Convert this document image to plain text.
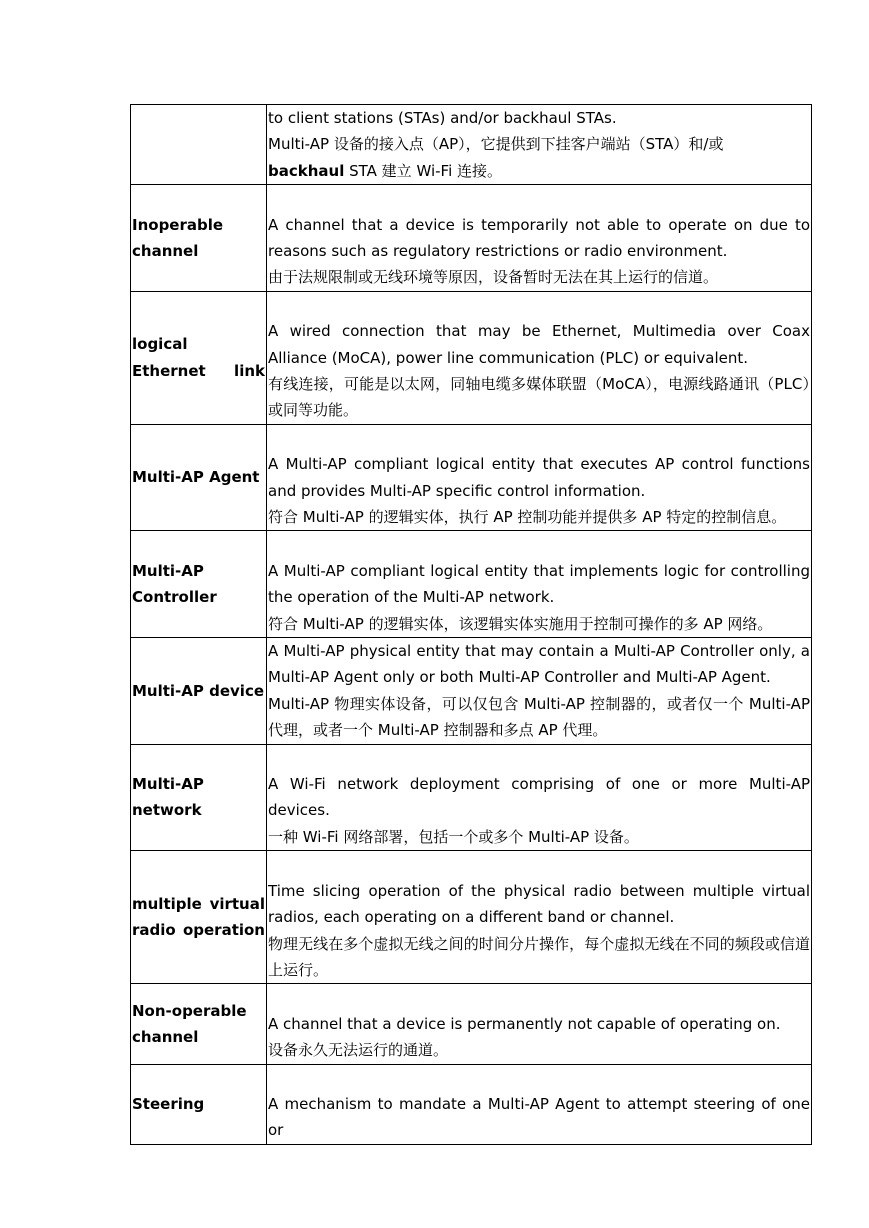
	to client stations (STAs) and/or backhaul STAs.
Multi-AP 设备的接入点（AP），它提供到下挂客户端站（STA）和/或
backhaul STA 建立 Wi-Fi 连接。

Inoperable channel	A channel that a device is temporarily not able to operate on due to reasons such as regulatory restrictions or radio environment.
由于法规限制或无线环境等原因，设备暂时无法在其上运行的信道。

logical Ethernet link	A wired connection that may be Ethernet, Multimedia over Coax Alliance (MoCA), power line communication (PLC) or equivalent.
有线连接，可能是以太网，同轴电缆多媒体联盟（MoCA），电源线路通讯（PLC）或同等功能。

Multi-AP Agent	A Multi-AP compliant logical entity that executes AP control functions and provides Multi-AP specific control information.
符合 Multi-AP 的逻辑实体，执行 AP 控制功能并提供多 AP 特定的控制信息。

Multi-AP Controller	A Multi-AP compliant logical entity that implements logic for controlling the operation of the Multi-AP network.
符合 Multi-AP 的逻辑实体，该逻辑实体实施用于控制可操作的多 AP 网络。

Multi-AP device	A Multi-AP physical entity that may contain a Multi-AP Controller only, a Multi-AP Agent only or both Multi-AP Controller and Multi-AP Agent.
Multi-AP 物理实体设备，可以仅包含 Multi-AP 控制器的，或者仅一个 Multi-AP 代理，或者一个 Multi-AP 控制器和多点 AP 代理。

Multi-AP network	A Wi-Fi network deployment comprising of one or more Multi-AP devices.
一种 Wi-Fi 网络部署，包括一个或多个 Multi-AP 设备。

multiple virtual radio operation	Time slicing operation of the physical radio between multiple virtual radios, each operating on a different band or channel.
物理无线在多个虚拟无线之间的时间分片操作，每个虚拟无线在不同的频段或信道上运行。

Non-operable channel	A channel that a device is permanently not capable of operating on.
设备永久无法运行的通道。

Steering	A mechanism to mandate a Multi-AP Agent to attempt steering of one or
